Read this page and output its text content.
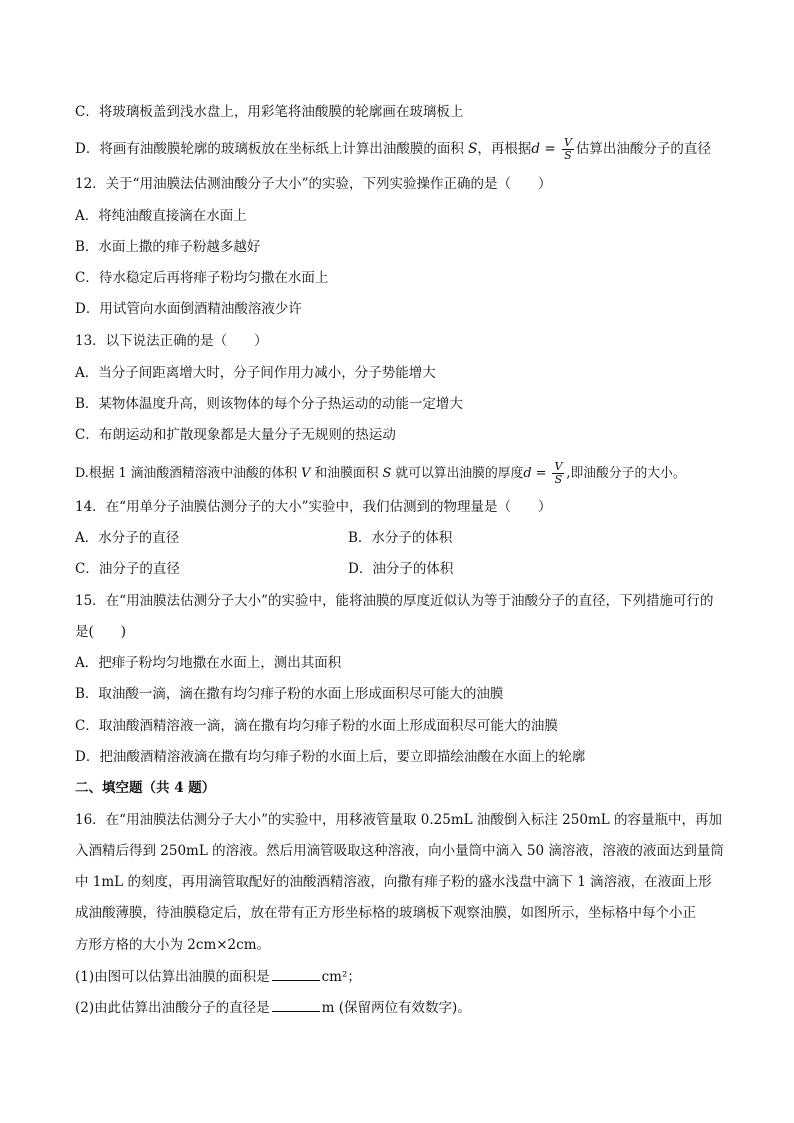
C．将玻璃板盖到浅水盘上，用彩笔将油酸膜的轮廓画在玻璃板上
D．将画有油酸膜轮廓的玻璃板放在坐标纸上计算出油酸膜的面积 S，再根据$d = \frac{V}{S}$ 估算出油酸分子的直径
12．关于“用油膜法估测油酸分子大小”的实验，下列实验操作正确的是（　　）
A．将纯油酸直接滴在水面上
B．水面上撒的痱子粉越多越好
C．待水稳定后再将痱子粉均匀撒在水面上
D．用试管向水面倒酒精油酸溶液少许
13．以下说法正确的是（　　）
A．当分子间距离增大时，分子间作用力减小，分子势能增大
B．某物体温度升高，则该物体的每个分子热运动的动能一定增大
C．布朗运动和扩散现象都是大量分子无规则的热运动
D.根据 1 滴油酸酒精溶液中油酸的体积 V 和油膜面积 S 就可以算出油膜的厚度$d = \frac{V}{S}$ ,即油酸分子的大小。
14．在“用单分子油膜估测分子的大小”实验中，我们估测到的物理量是（　　）
A．水分子的直径	B．水分子的体积
C．油分子的直径	D．油分子的体积
15．在“用油膜法估测分子大小”的实验中，能将油膜的厚度近似认为等于油酸分子的直径，下列措施可行的
是(　　)
A．把痱子粉均匀地撒在水面上，测出其面积
B．取油酸一滴，滴在撒有均匀痱子粉的水面上形成面积尽可能大的油膜
C．取油酸酒精溶液一滴，滴在撒有均匀痱子粉的水面上形成面积尽可能大的油膜
D．把油酸酒精溶液滴在撒有均匀痱子粉的水面上后，要立即描绘油酸在水面上的轮廓
二、填空题（共 4 题）
16．在“用油膜法估测分子大小”的实验中，用移液管量取 0.25mL 油酸倒入标注 250mL 的容量瓶中，再加
入酒精后得到 250mL 的溶液。然后用滴管吸取这种溶液，向小量筒中滴入 50 滴溶液，溶液的液面达到量筒
中 1mL 的刻度，再用滴管取配好的油酸酒精溶液，向撒有痱子粉的盛水浅盘中滴下 1 滴溶液，在液面上形
成油酸薄膜，待油膜稳定后，放在带有正方形坐标格的玻璃板下观察油膜，如图所示，坐标格中每个小正
方形方格的大小为 2cm×2cm。
(1)由图可以估算出油膜的面积是	cm²；
(2)由此估算出油酸分子的直径是	m (保留两位有效数字)。
